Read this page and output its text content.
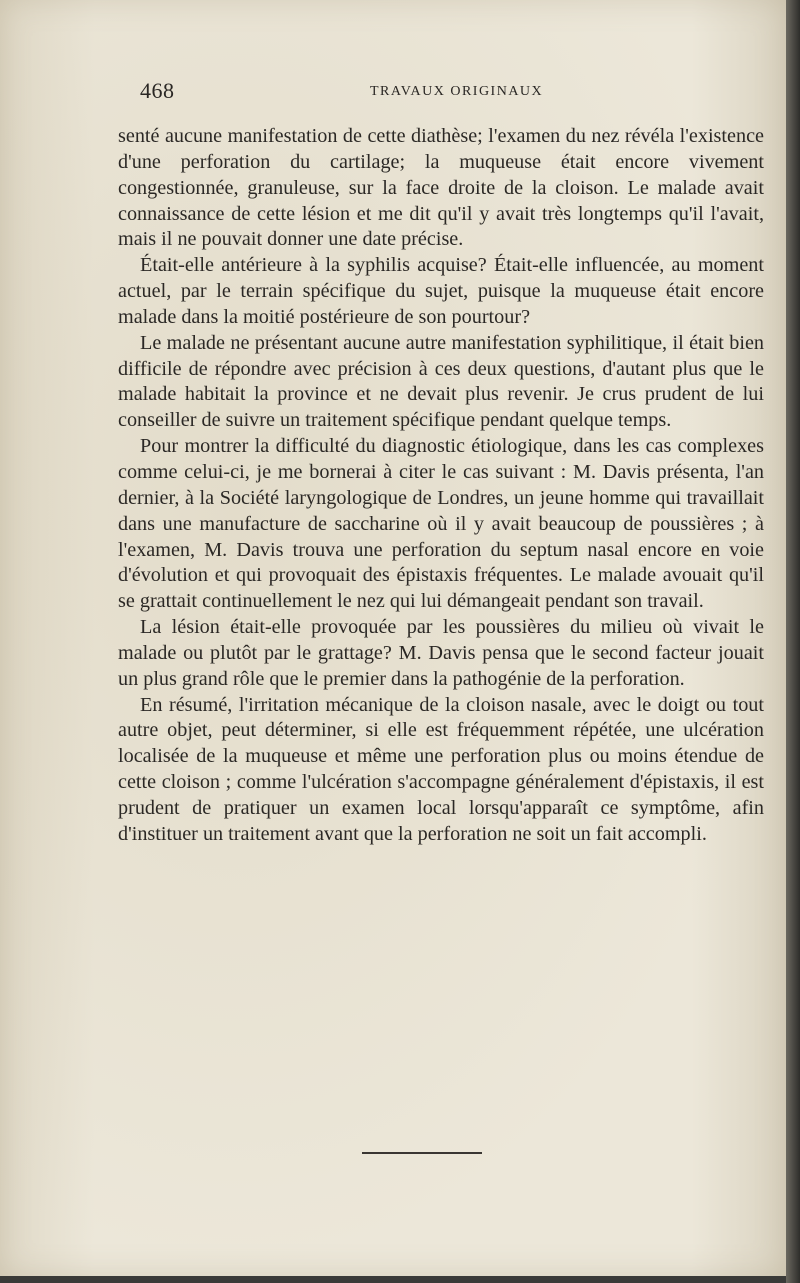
468	TRAVAUX ORIGINAUX

senté aucune manifestation de cette diathèse; l'examen du nez révéla l'existence d'une perforation du cartilage; la muqueuse était encore vivement congestionnée, granuleuse, sur la face droite de la cloison. Le malade avait connaissance de cette lésion et me dit qu'il y avait très longtemps qu'il l'avait, mais il ne pouvait donner une date précise.

Était-elle antérieure à la syphilis acquise? Était-elle influencée, au moment actuel, par le terrain spécifique du sujet, puisque la muqueuse était encore malade dans la moitié postérieure de son pourtour?

Le malade ne présentant aucune autre manifestation syphilitique, il était bien difficile de répondre avec précision à ces deux questions, d'autant plus que le malade habitait la province et ne devait plus revenir. Je crus prudent de lui conseiller de suivre un traitement spécifique pendant quelque temps.

Pour montrer la difficulté du diagnostic étiologique, dans les cas complexes comme celui-ci, je me bornerai à citer le cas suivant : M. Davis présenta, l'an dernier, à la Société laryngologique de Londres, un jeune homme qui travaillait dans une manufacture de saccharine où il y avait beaucoup de poussières ; à l'examen, M. Davis trouva une perforation du septum nasal encore en voie d'évolution et qui provoquait des épistaxis fréquentes. Le malade avouait qu'il se grattait continuellement le nez qui lui démangeait pendant son travail.

La lésion était-elle provoquée par les poussières du milieu où vivait le malade ou plutôt par le grattage? M. Davis pensa que le second facteur jouait un plus grand rôle que le premier dans la pathogénie de la perforation.

En résumé, l'irritation mécanique de la cloison nasale, avec le doigt ou tout autre objet, peut déterminer, si elle est fréquemment répétée, une ulcération localisée de la muqueuse et même une perforation plus ou moins étendue de cette cloison ; comme l'ulcération s'accompagne généralement d'épistaxis, il est prudent de pratiquer un examen local lorsqu'apparaît ce symptôme, afin d'instituer un traitement avant que la perforation ne soit un fait accompli.
